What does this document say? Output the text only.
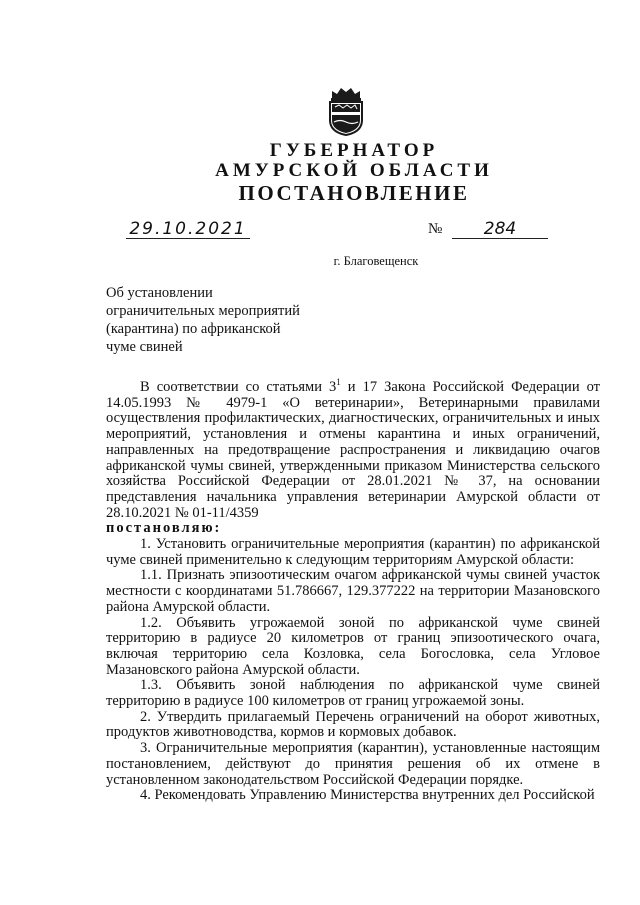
ГУБЕРНАТОР
АМУРСКОЙ ОБЛАСТИ
ПОСТАНОВЛЕНИЕ
29.10.2021	№	284
г. Благовещенск
Об установлении
ограничительных мероприятий
(карантина) по африканской
чуме свиней

В соответствии со статьями $3^1$ и 17 Закона Российской Федерации от 14.05.1993 № 4979-1 «О ветеринарии», Ветеринарными правилами осуществления профилактических, диагностических, ограничительных и иных мероприятий, установления и отмены карантина и иных ограничений, направленных на предотвращение распространения и ликвидацию очагов африканской чумы свиней, утвержденными приказом Министерства сельского хозяйства Российской Федерации от 28.01.2021 № 37, на основании представления начальника управления ветеринарии Амурской области от 28.10.2021 № 01-11/4359

постановляю:

1. Установить ограничительные мероприятия (карантин) по африканской чуме свиней применительно к следующим территориям Амурской области:

1.1. Признать эпизоотическим очагом африканской чумы свиней участок местности с координатами 51.786667, 129.377222 на территории Мазановского района Амурской области.

1.2. Объявить угрожаемой зоной по африканской чуме свиней территорию в радиусе 20 километров от границ эпизоотического очага, включая территорию села Козловка, села Богословка, села Угловое Мазановского района Амурской области.

1.3. Объявить зоной наблюдения по африканской чуме свиней территорию в радиусе 100 километров от границ угрожаемой зоны.

2. Утвердить прилагаемый Перечень ограничений на оборот животных, продуктов животноводства, кормов и кормовых добавок.

3. Ограничительные мероприятия (карантин), установленные настоящим постановлением, действуют до принятия решения об их отмене в установленном законодательством Российской Федерации порядке.

4. Рекомендовать Управлению Министерства внутренних дел Российской
